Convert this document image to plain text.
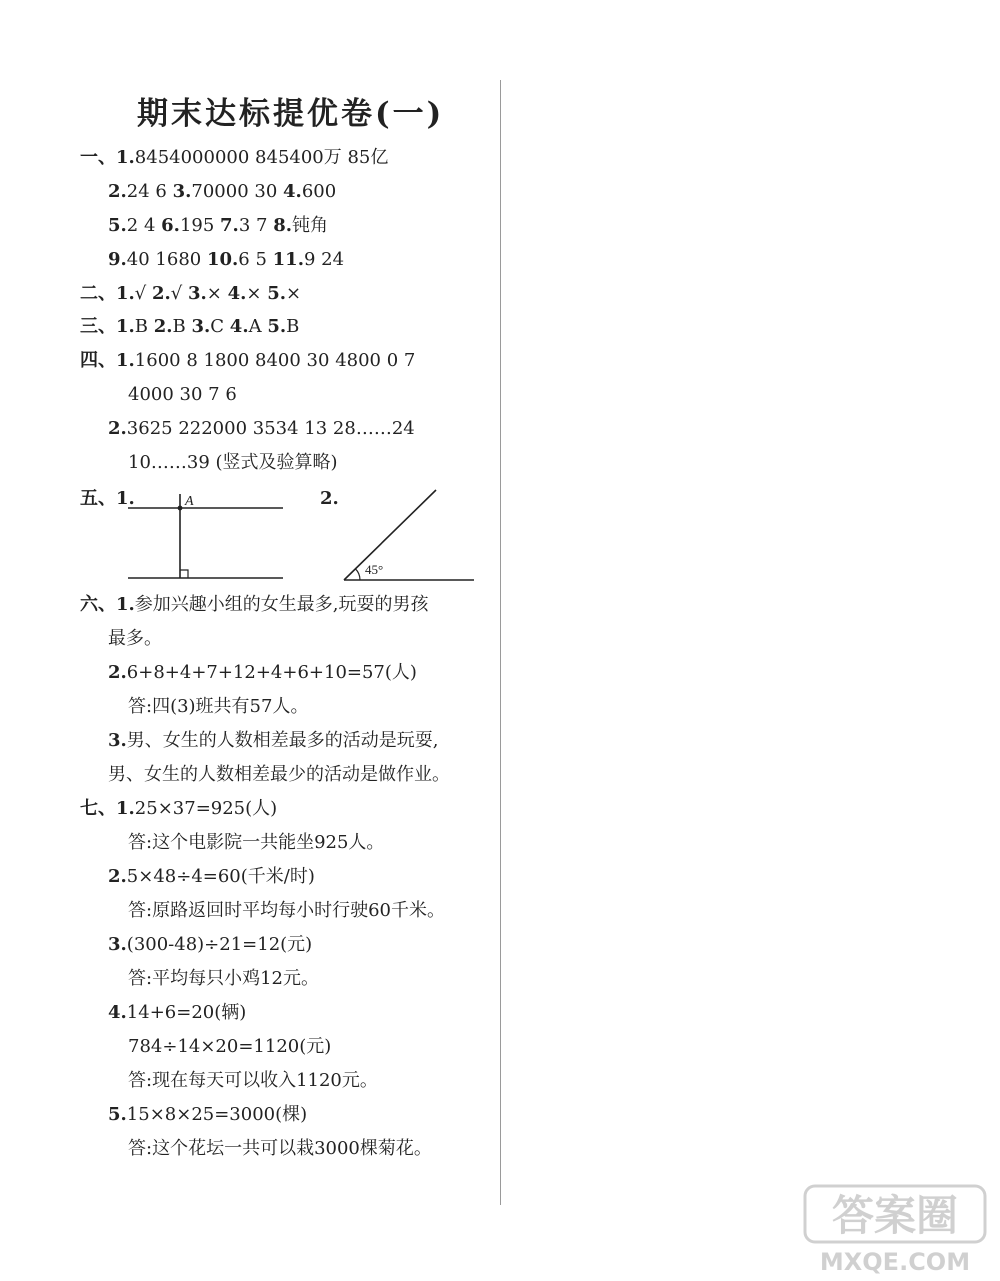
期末达标提优卷(一)
一、1.8454000000 845400万 85亿
2.24 6 3.70000 30 4.600
5.2 4 6.195 7.3 7 8.钝角
9.40 1680 10.6 5 11.9 24
二、1.√ 2.√ 3.× 4.× 5.×
三、1.B 2.B 3.C 4.A 5.B
四、1.1600 8 1800 8400 30 4800 0 7
4000 30 7 6
2.3625 222000 3534 13 28……24
10……39 (竖式及验算略)
五、1.	2.
六、1.参加兴趣小组的女生最多,玩耍的男孩
最多。
2.6+8+4+7+12+4+6+10=57(人)
答:四(3)班共有57人。
3.男、女生的人数相差最多的活动是玩耍,
男、女生的人数相差最少的活动是做作业。
七、1.25×37=925(人)
答:这个电影院一共能坐925人。
2.5×48÷4=60(千米/时)
答:原路返回时平均每小时行驶60千米。
3.(300-48)÷21=12(元)
答:平均每只小鸡12元。
4.14+6=20(辆)
784÷14×20=1120(元)
答:现在每天可以收入1120元。
5.15×8×25=3000(棵)
答:这个花坛一共可以栽3000棵菊花。
A
45°
答案圈
MXQE.COM
